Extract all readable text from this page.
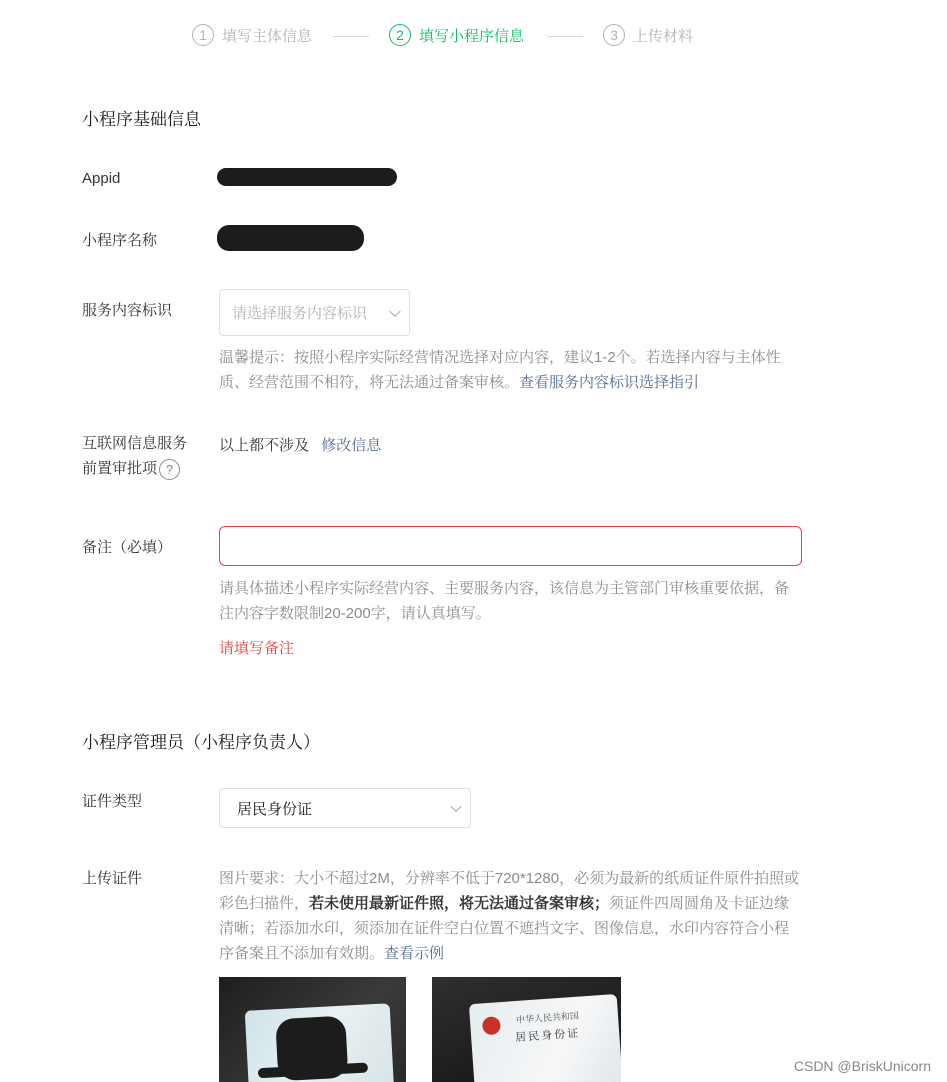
1	填写主体信息	2	填写小程序信息	3	上传材料
小程序基础信息
Appid
小程序名称
服务内容标识	请选择服务内容标识
温馨提示：按照小程序实际经营情况选择对应内容，建议1-2个。若选择内容与主体性质、经营范围不相符，将无法通过备案审核。查看服务内容标识选择指引
互联网信息服务
前置审批项 ?
以上都不涉及 修改信息
备注（必填）
请具体描述小程序实际经营内容、主要服务内容，该信息为主管部门审核重要依据，备注内容字数限制20-200字，请认真填写。
请填写备注
小程序管理员（小程序负责人）
证件类型	居民身份证
上传证件	图片要求：大小不超过2M，分辨率不低于720*1280，必须为最新的纸质证件原件拍照或彩色扫描件，若未使用最新证件照，将无法通过备案审核；须证件四周圆角及卡证边缘清晰；若添加水印，须添加在证件空白位置不遮挡文字、图像信息，水印内容符合小程序备案且不添加有效期。查看示例
中华人民共和国
居民身份证
CSDN @BriskUnicorn
